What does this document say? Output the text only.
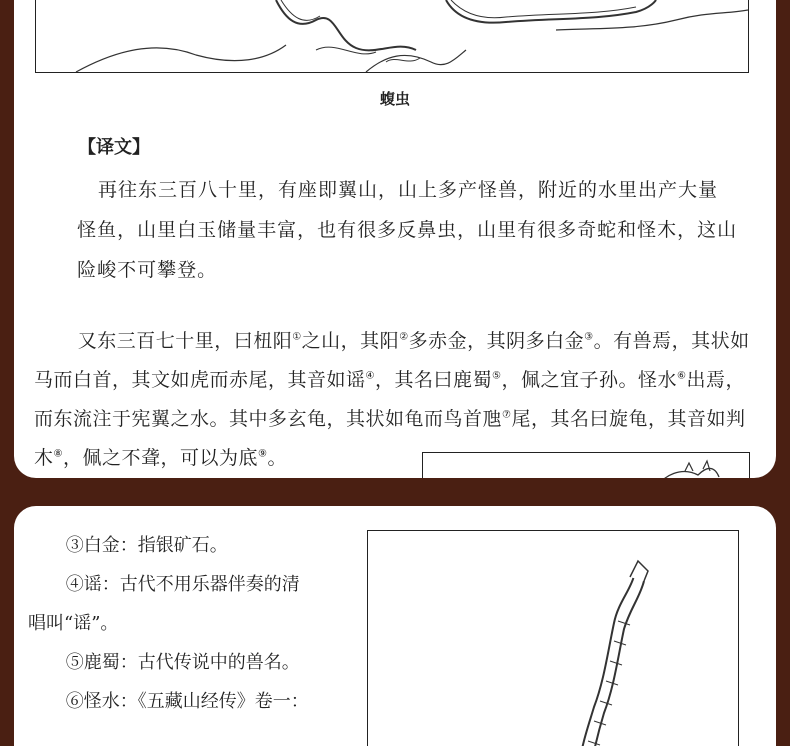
蝮虫
【译文】

再往东三百八十里，有座即翼山，山上多产怪兽，附近的水里出产大量

怪鱼，山里白玉储量丰富，也有很多反鼻虫，山里有很多奇蛇和怪木，这山

险峻不可攀登。

又东三百七十里，曰杻阳①之山，其阳②多赤金，其阴多白金③。有兽焉，其状如马而白首，其文如虎而赤尾，其音如谣④，其名曰鹿蜀⑤，佩之宜子孙。怪水⑥出焉，而东流注于宪翼之水。其中多玄龟，其状如龟而鸟首虺⑦尾，其名曰旋龟，其音如判木⑧，佩之不聋，可以为底⑨。

③白金：指银矿石。

④谣：古代不用乐器伴奏的清

唱叫“谣”。

⑤鹿蜀：古代传说中的兽名。

⑥怪水：《五藏山经传》卷一：
